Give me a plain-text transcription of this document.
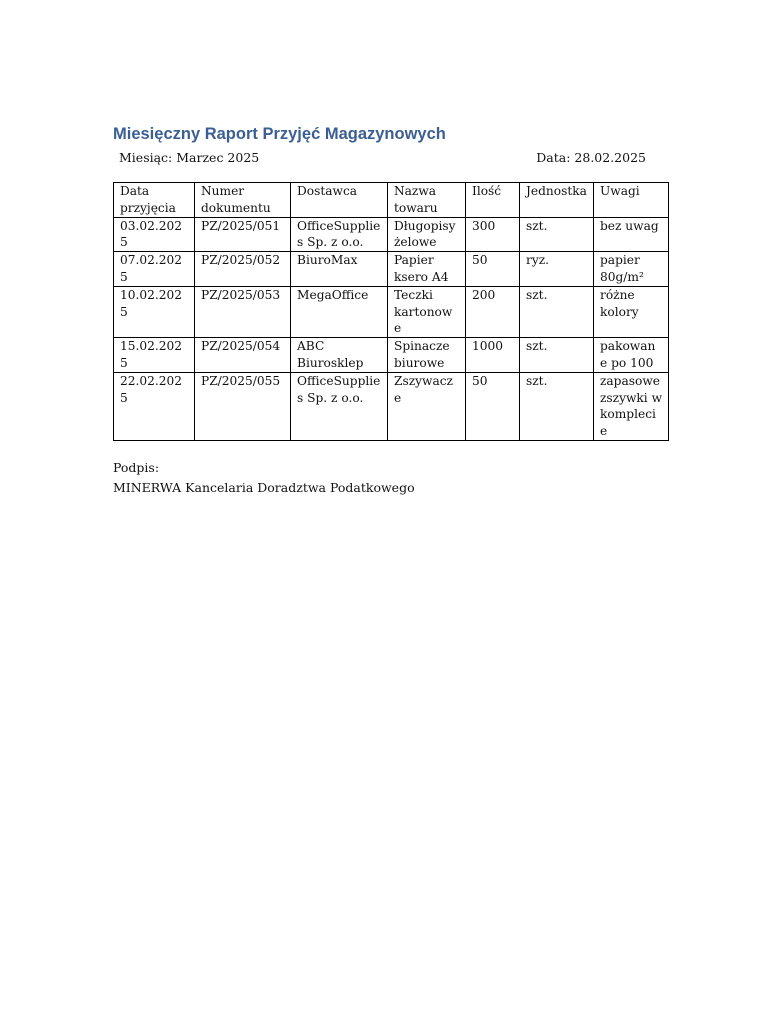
Miesięczny Raport Przyjęć Magazynowych
Miesiąc: Marzec 2025	Data: 28.02.2025
Data przyjęcia	Numer dokumentu	Dostawca	Nazwa towaru	Ilość	Jednostka	Uwagi
03.02.2025	PZ/2025/051	OfficeSupplies Sp. z o.o.	Długopisy żelowe	300	szt.	bez uwag
07.02.2025	PZ/2025/052	BiuroMax	Papier ksero A4	50	ryz.	papier 80g/m²
10.02.2025	PZ/2025/053	MegaOffice	Teczki kartonowe	200	szt.	różne kolory
15.02.2025	PZ/2025/054	ABC Biurosklep	Spinacze biurowe	1000	szt.	pakowane po 100
22.02.2025	PZ/2025/055	OfficeSupplies Sp. z o.o.	Zszywacze	50	szt.	zapasowe zszywki w komplecie
Podpis:
MINERWA Kancelaria Doradztwa Podatkowego
